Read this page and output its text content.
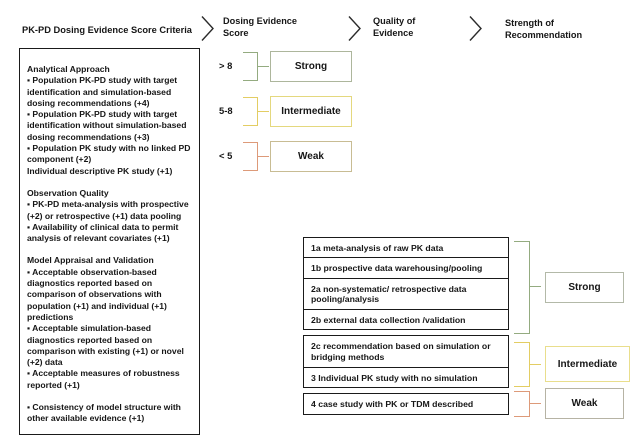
PK-PD Dosing Evidence Score Criteria
Dosing Evidence Score
Quality of Evidence
Strength of Recommendation

Analytical Approach

▪ Population PK-PD study with target identification and simulation-based dosing recommendations (+4)

▪ Population PK-PD study with target identification without simulation-based dosing recommendations (+3)

▪ Population PK study with no linked PD component (+2)

Individual descriptive PK study (+1)

Observation Quality

▪ PK-PD meta-analysis with prospective (+2) or retrospective (+1) data pooling

▪ Availability of clinical data to permit analysis of relevant covariates (+1)

Model Appraisal and Validation

▪ Acceptable observation-based diagnostics reported based on comparison of observations with population (+1) and individual (+1) predictions

▪ Acceptable simulation-based diagnostics reported based on comparison with existing (+1) or novel (+2) data

▪ Acceptable measures of robustness reported (+1)

▪ Consistency of model structure with other available evidence (+1)

> 8	Strong
5-8	Intermediate
< 5	Weak
1a meta-analysis of raw PK data
1b prospective data warehousing/pooling
2a non-systematic/ retrospective data pooling/analysis
2b external data collection /validation
2c recommendation based on simulation or bridging methods
3 Individual PK study with no simulation
4 case study with PK or TDM described
Strong
Intermediate
Weak
